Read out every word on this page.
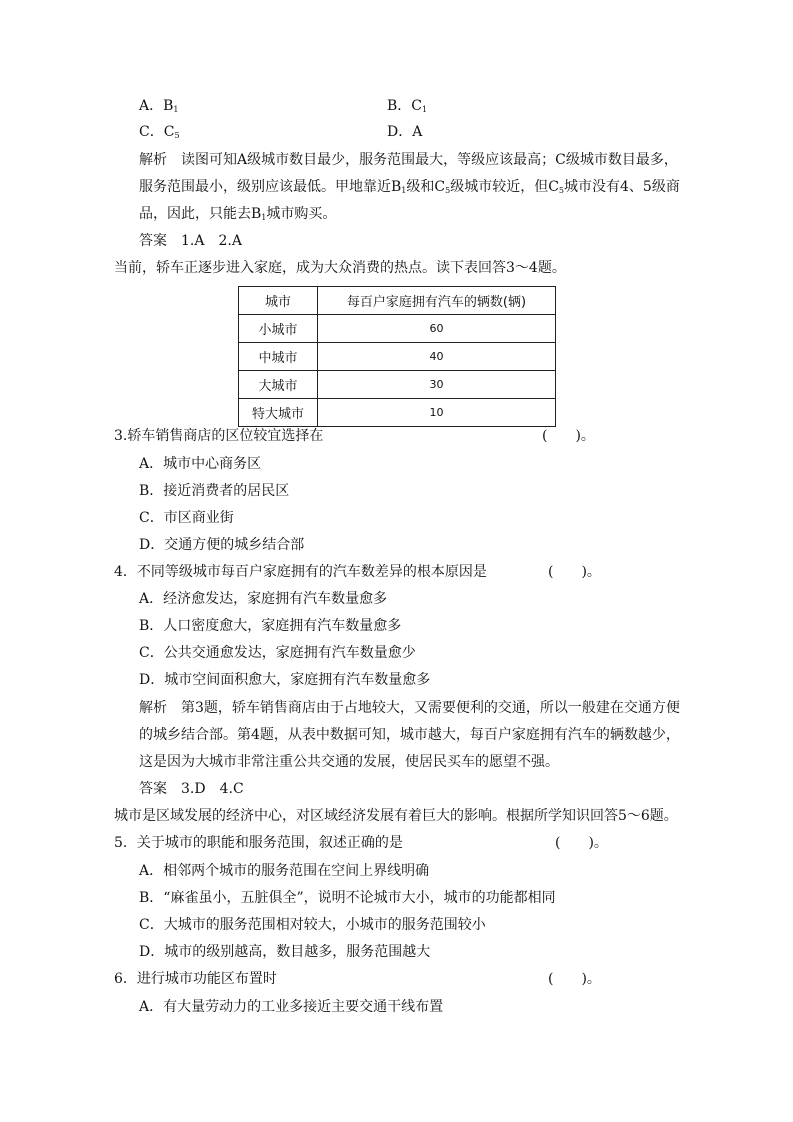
A．$B_1$	B．$C_1$
C．$C_5$	D．A
解析　读图可知A级城市数目最少，服务范围最大，等级应该最高；C级城市数目最多，
服务范围最小，级别应该最低。甲地靠近$B_1$级和$C_5$级城市较近，但$C_5$城市没有4、5级商
品，因此，只能去$B_1$城市购买。
答案　1.A　2.A
当前，轿车正逐步进入家庭，成为大众消费的热点。读下表回答3～4题。
城市	每百户家庭拥有汽车的辆数(辆)
小城市	60
中城市	40
大城市	30
特大城市	10
3.轿车销售商店的区位较宜选择在	(　　)。
A．城市中心商务区
B．接近消费者的居民区
C．市区商业街
D．交通方便的城乡结合部
4．不同等级城市每百户家庭拥有的汽车数差异的根本原因是	(　　)。
A．经济愈发达，家庭拥有汽车数量愈多
B．人口密度愈大，家庭拥有汽车数量愈多
C．公共交通愈发达，家庭拥有汽车数量愈少
D．城市空间面积愈大，家庭拥有汽车数量愈多
解析　第3题，轿车销售商店由于占地较大，又需要便利的交通，所以一般建在交通方便
的城乡结合部。第4题，从表中数据可知，城市越大，每百户家庭拥有汽车的辆数越少，
这是因为大城市非常注重公共交通的发展，使居民买车的愿望不强。
答案　3.D　4.C
城市是区域发展的经济中心，对区域经济发展有着巨大的影响。根据所学知识回答5～6题。
5．关于城市的职能和服务范围，叙述正确的是	(　　)。
A．相邻两个城市的服务范围在空间上界线明确
B．“麻雀虽小，五脏俱全”，说明不论城市大小，城市的功能都相同
C．大城市的服务范围相对较大，小城市的服务范围较小
D．城市的级别越高，数目越多，服务范围越大
6．进行城市功能区布置时	(　　)。
A．有大量劳动力的工业多接近主要交通干线布置
